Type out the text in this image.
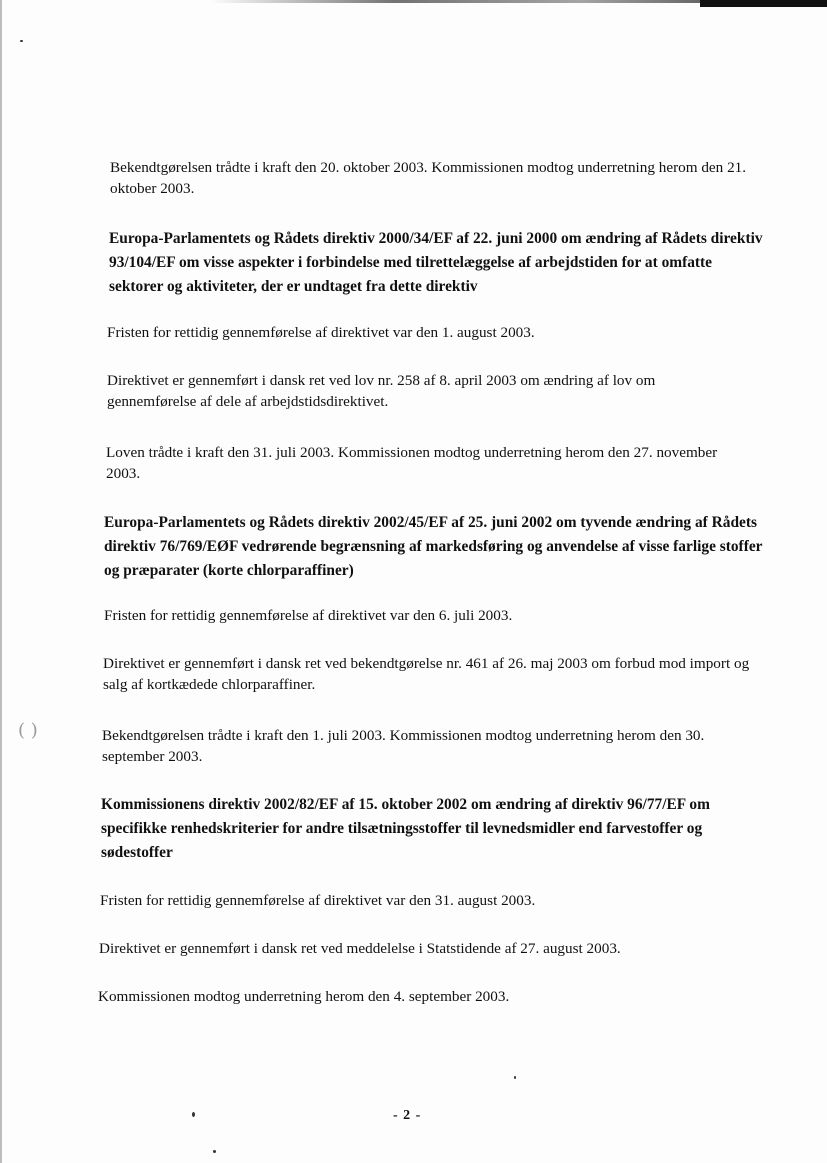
( )

Bekendtgørelsen trådte i kraft den 20. oktober 2003. Kommissionen modtog underretning herom den 21. oktober 2003.

Europa-Parlamentets og Rådets direktiv 2000/34/EF af 22. juni 2000 om ændring af Rådets direktiv 93/104/EF om visse aspekter i forbindelse med tilrettelæggelse af arbejdstiden for at omfatte sektorer og aktiviteter, der er undtaget fra dette direktiv

Fristen for rettidig gennemførelse af direktivet var den 1. august 2003.

Direktivet er gennemført i dansk ret ved lov nr. 258 af 8. april 2003 om ændring af lov om gennemførelse af dele af arbejdstidsdirektivet.

Loven trådte i kraft den 31. juli 2003. Kommissionen modtog underretning herom den 27. november 2003.

Europa-Parlamentets og Rådets direktiv 2002/45/EF af 25. juni 2002 om tyvende ændring af Rådets direktiv 76/769/EØF vedrørende begrænsning af markedsføring og anvendelse af visse farlige stoffer og præparater (korte chlorparaffiner)

Fristen for rettidig gennemførelse af direktivet var den 6. juli 2003.

Direktivet er gennemført i dansk ret ved bekendtgørelse nr. 461 af 26. maj 2003 om forbud mod import og salg af kortkædede chlorparaffiner.

Bekendtgørelsen trådte i kraft den 1. juli 2003. Kommissionen modtog underretning herom den 30. september 2003.

Kommissionens direktiv 2002/82/EF af 15. oktober 2002 om ændring af direktiv 96/77/EF om specifikke renhedskriterier for andre tilsætningsstoffer til levnedsmidler end farvestoffer og sødestoffer

Fristen for rettidig gennemførelse af direktivet var den 31. august 2003.

Direktivet er gennemført i dansk ret ved meddelelse i Statstidende af 27. august 2003.

Kommissionen modtog underretning herom den 4. september 2003.

- 2 -
